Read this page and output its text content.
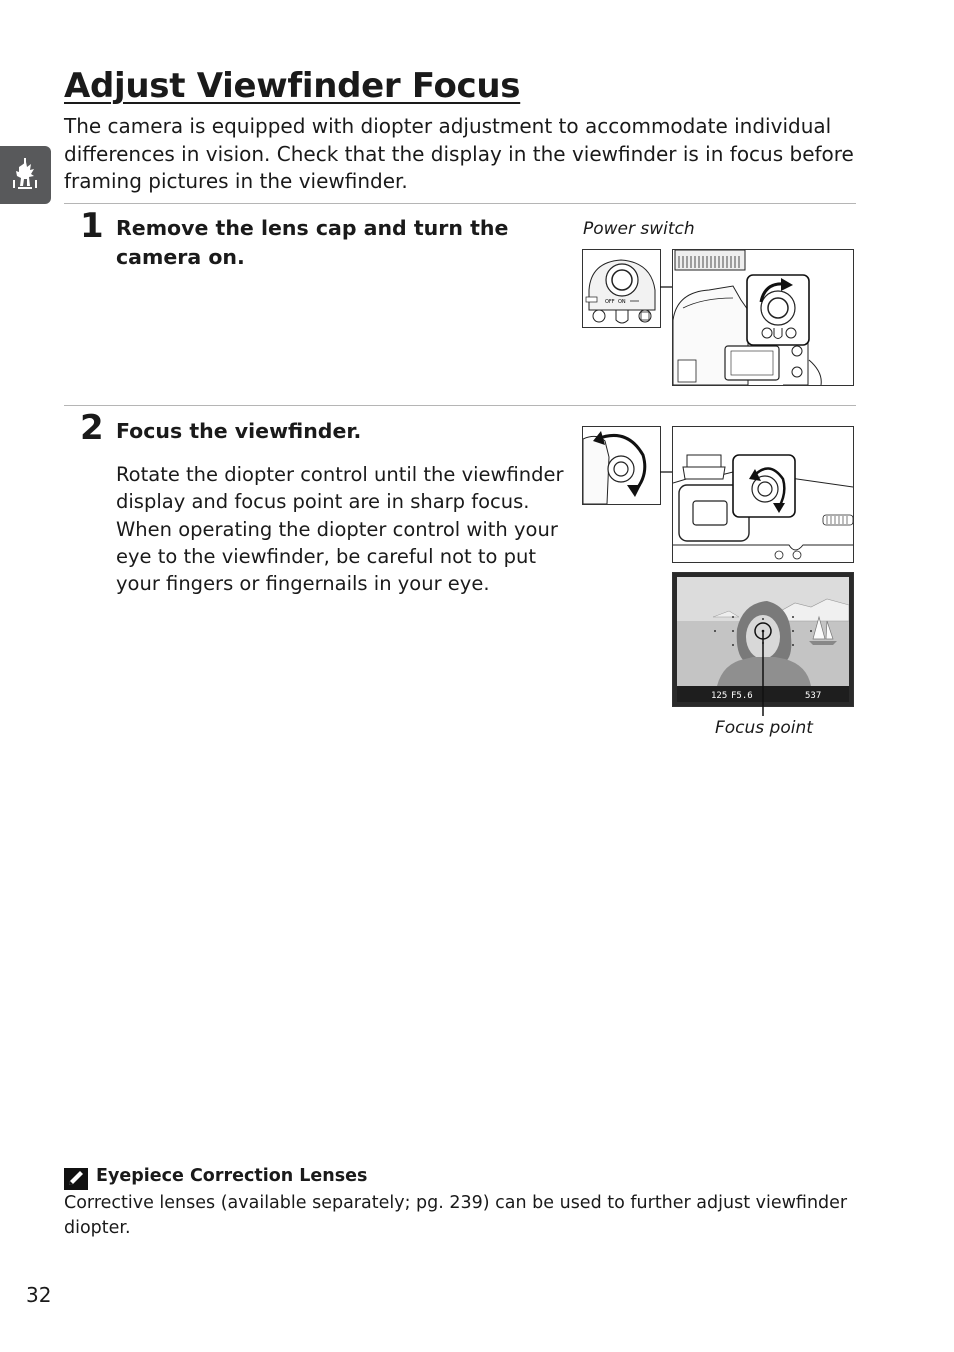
Adjust Viewfinder Focus

The camera is equipped with diopter adjustment to accommodate individual differences in vision. Check that the display in the viewfinder is in focus before framing pictures in the viewfinder.

1 Remove the lens cap and turn the camera on.
Power switch
OFF ON
2 Focus the viewfinder.
Rotate the diopter control until the viewfinder display and focus point are in sharp focus. When operating the diopter control with your eye to the viewfinder, be careful not to put your fingers or fingernails in your eye.
125 F5.6	537
Focus point
Eyepiece Correction Lenses
Corrective lenses (available separately; pg. 239) can be used to further adjust viewfinder diopter.
32
